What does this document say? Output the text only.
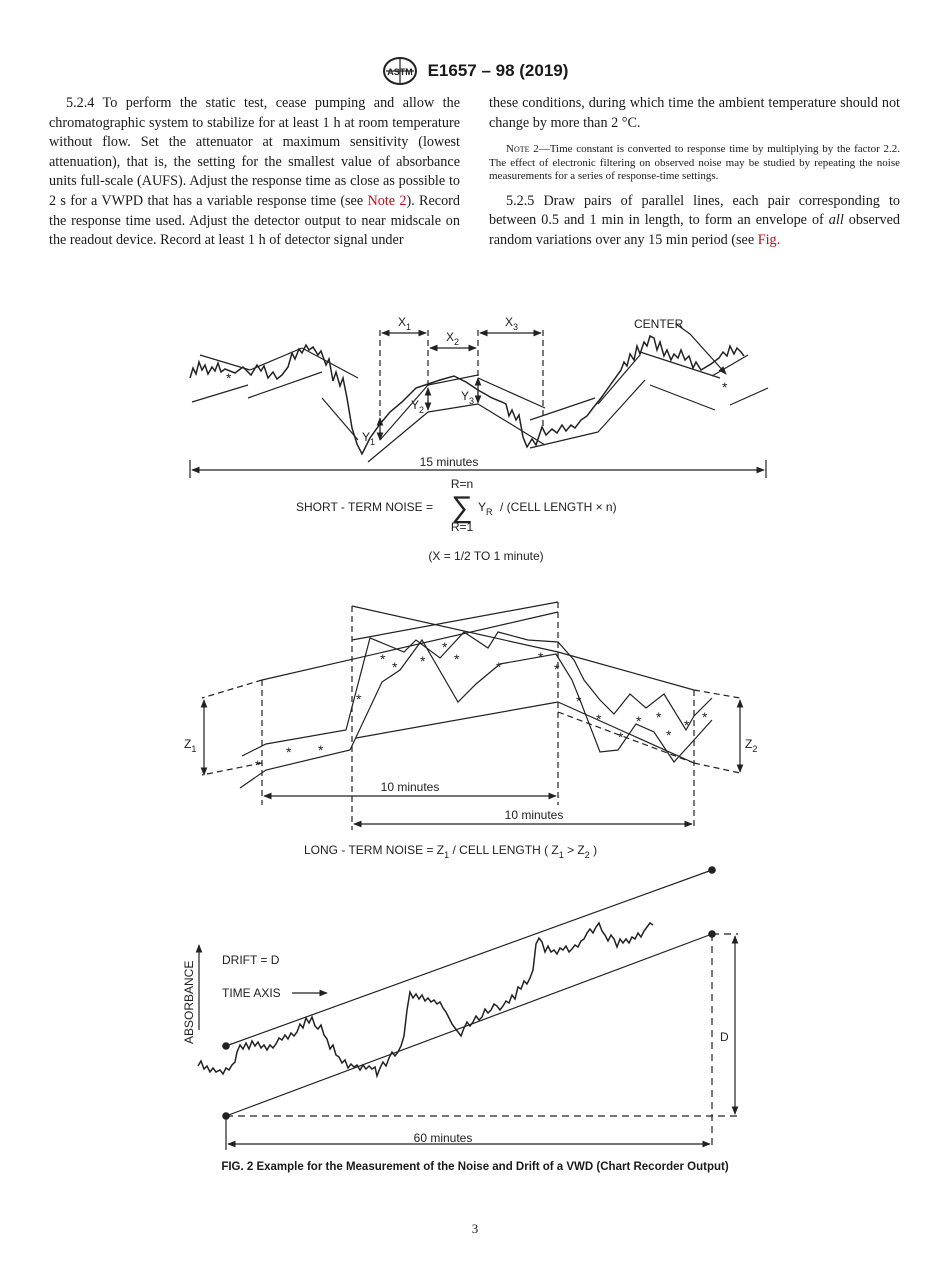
ASTM E1657 – 98 (2019)

5.2.4 To perform the static test, cease pumping and allow the chromatographic system to stabilize for at least 1 h at room temperature without flow. Set the attenuator at maximum sensitivity (lowest attenuation), that is, the setting for the smallest value of absorbance units full-scale (AUFS). Adjust the response time as close as possible to 2 s for a VWPD that has a variable response time (see Note 2). Record the response time used. Adjust the detector output to near midscale on the readout device. Record at least 1 h of detector signal under

these conditions, during which time the ambient temperature should not change by more than 2 °C.

Note 2—Time constant is converted to response time by multiplying by the factor 2.2. The effect of electronic filtering on observed noise may be studied by repeating the noise measurements for a series of response-time settings.

5.2.5 Draw pairs of parallel lines, each pair corresponding to between 0.5 and 1 min in length, to form an envelope of all observed random variations over any 15 min period (see Fig.

*
*
*
* *
*
* * *
*
*	*
*
*
*
*
*
* *
*
* *
$X_1$
$X_2$
$X_3$
$Y_1$
$Y_2$
$Y_3$
CENTER
15 minutes
SHORT - TERM NOISE =
R=n
∑
R=1
$Y_R$ / (CELL LENGTH × n)
(X = 1/2 TO 1 minute)
$Z_1$	$Z_2$
10 minutes
10 minutes
LONG - TERM NOISE = $Z_1$ / CELL LENGTH ( $Z_1 > Z_2$ )
DRIFT = D
TIME AXIS
ABSORBANCE	D
60 minutes
FIG. 2 Example for the Measurement of the Noise and Drift of a VWD (Chart Recorder Output)
3
